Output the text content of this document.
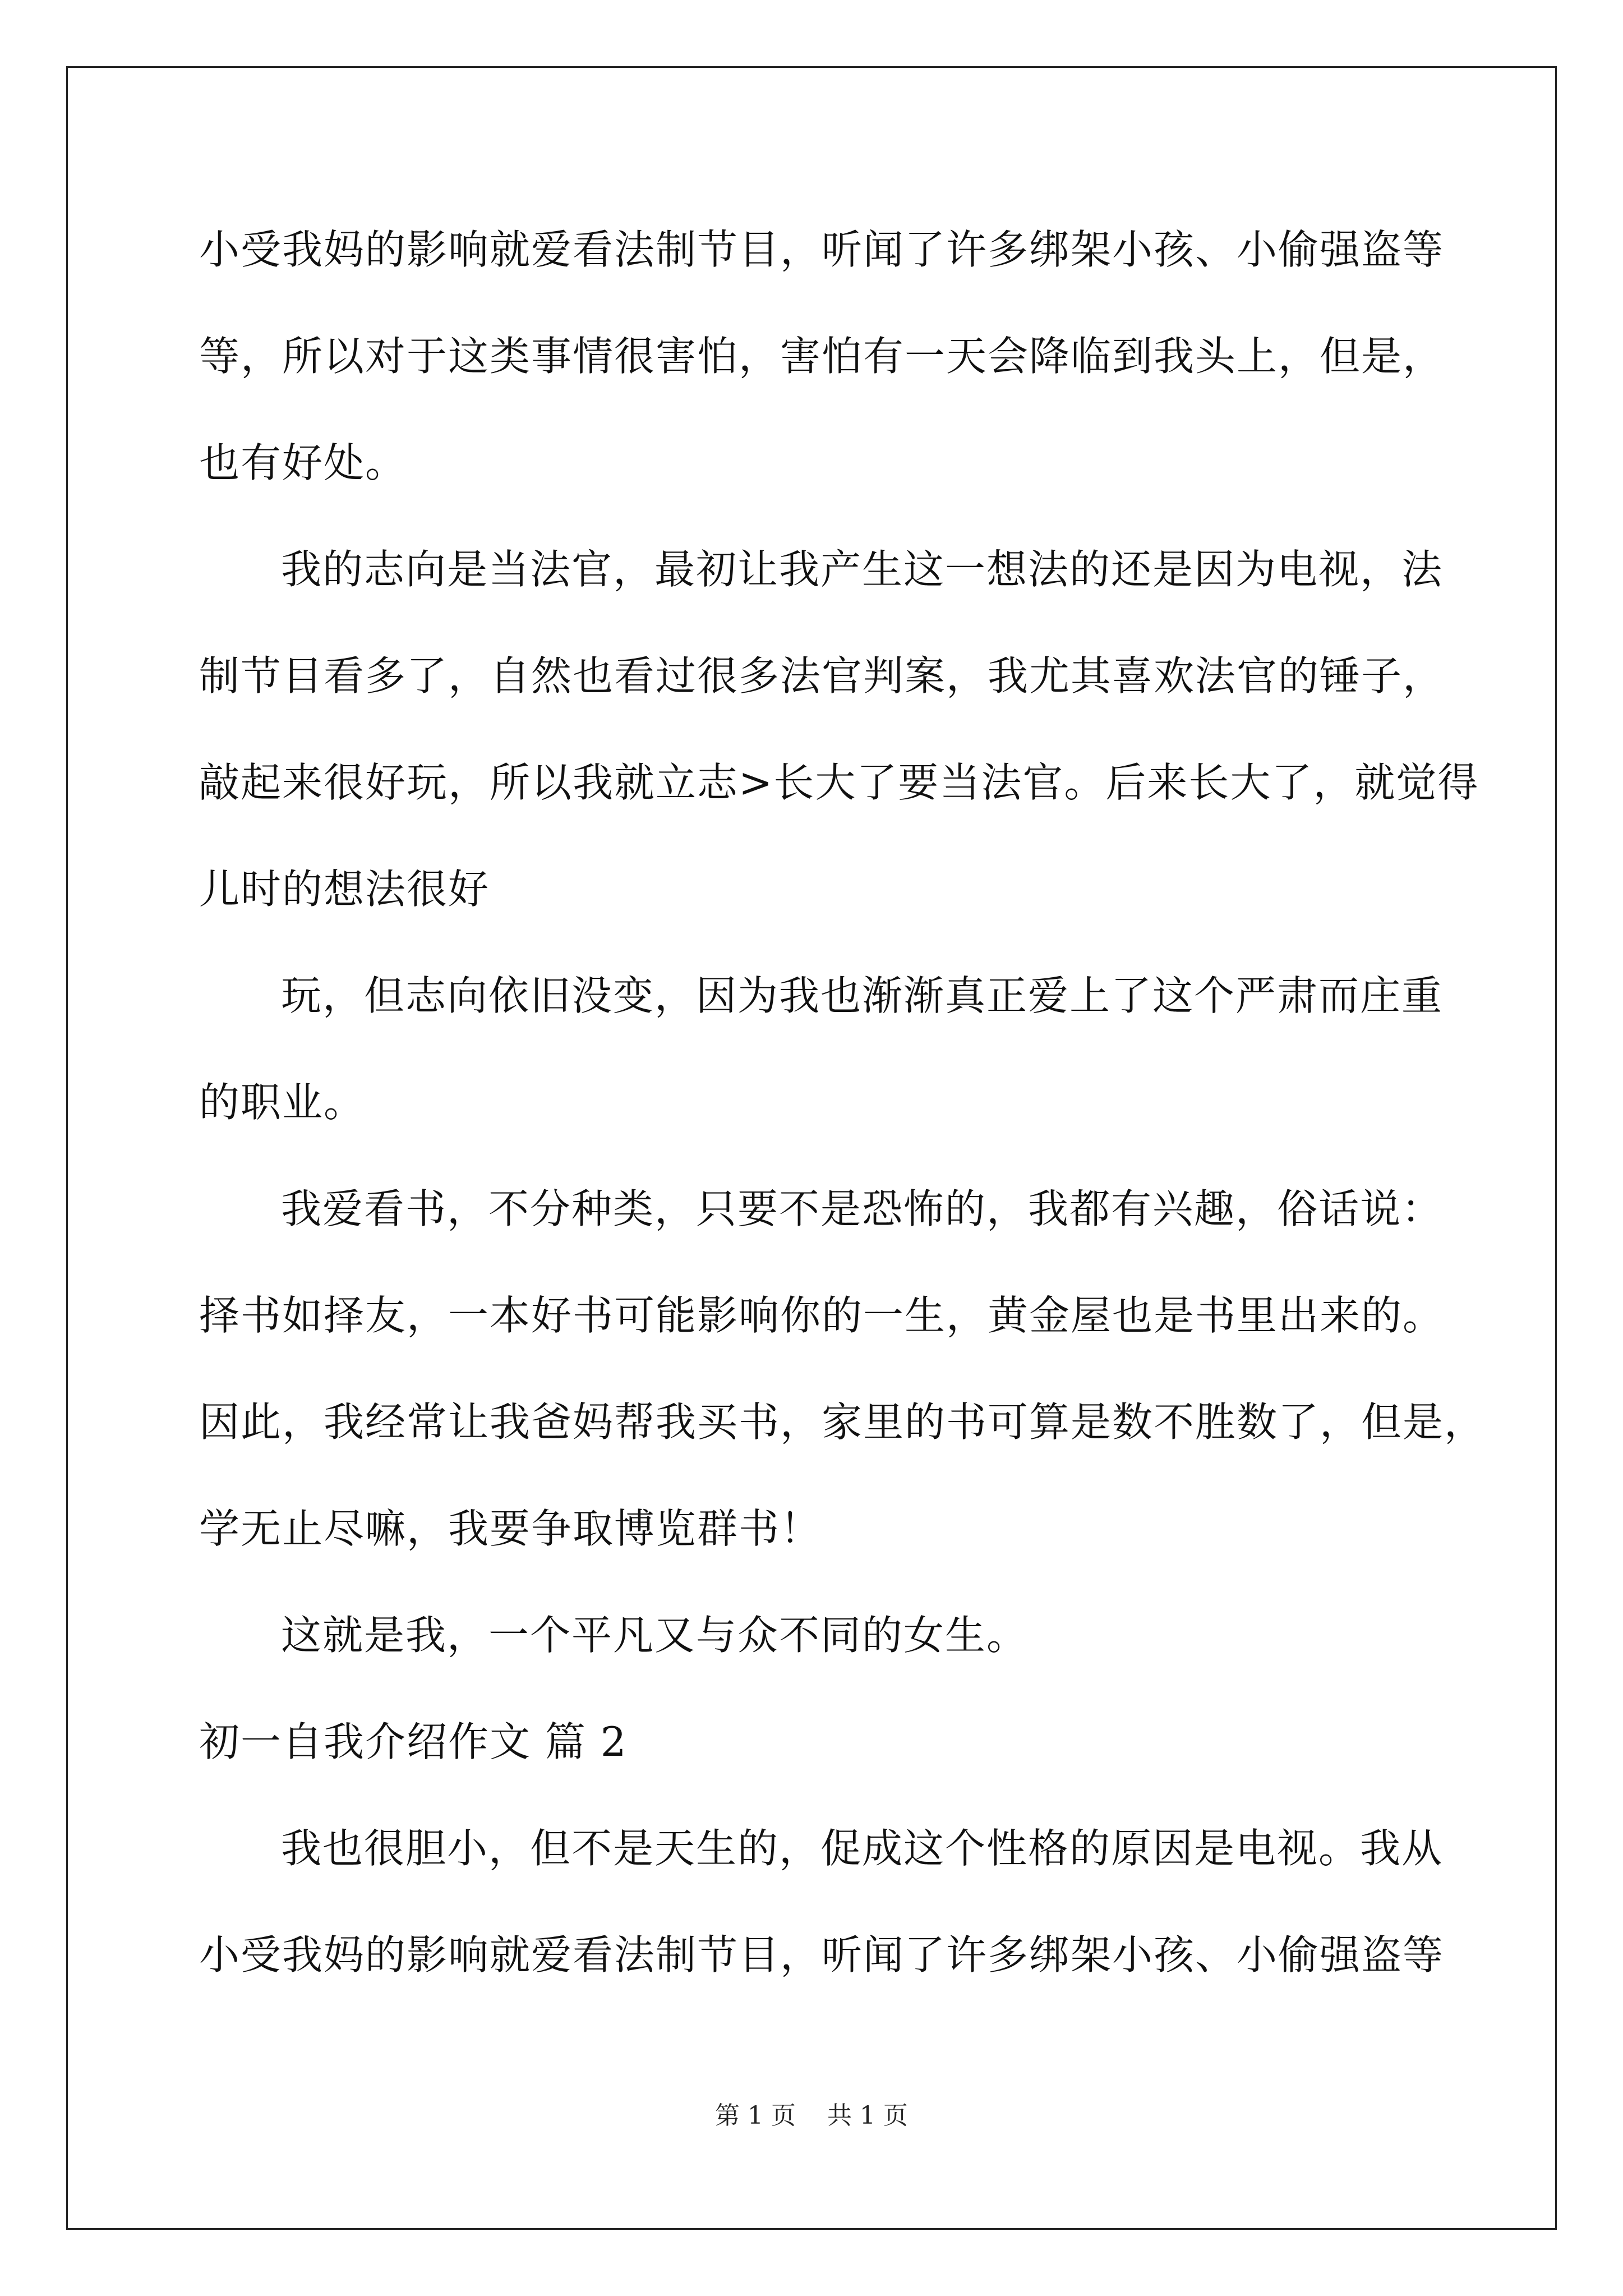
小受我妈的影响就爱看法制节目，听闻了许多绑架小孩、小偷强盗等
等，所以对于这类事情很害怕，害怕有一天会降临到我头上，但是，
也有好处。
我的志向是当法官，最初让我产生这一想法的还是因为电视，法
制节目看多了，自然也看过很多法官判案，我尤其喜欢法官的锤子，
敲起来很好玩，所以我就立志>长大了要当法官。后来长大了，就觉得
儿时的想法很好
玩，但志向依旧没变，因为我也渐渐真正爱上了这个严肃而庄重
的职业。
我爱看书，不分种类，只要不是恐怖的，我都有兴趣，俗话说：
择书如择友，一本好书可能影响你的一生，黄金屋也是书里出来的。
因此，我经常让我爸妈帮我买书，家里的书可算是数不胜数了，但是，
学无止尽嘛，我要争取博览群书！
这就是我，一个平凡又与众不同的女生。
初一自我介绍作文 篇 2
我也很胆小，但不是天生的，促成这个性格的原因是电视。我从
小受我妈的影响就爱看法制节目，听闻了许多绑架小孩、小偷强盗等
第 1 页    共 1 页
